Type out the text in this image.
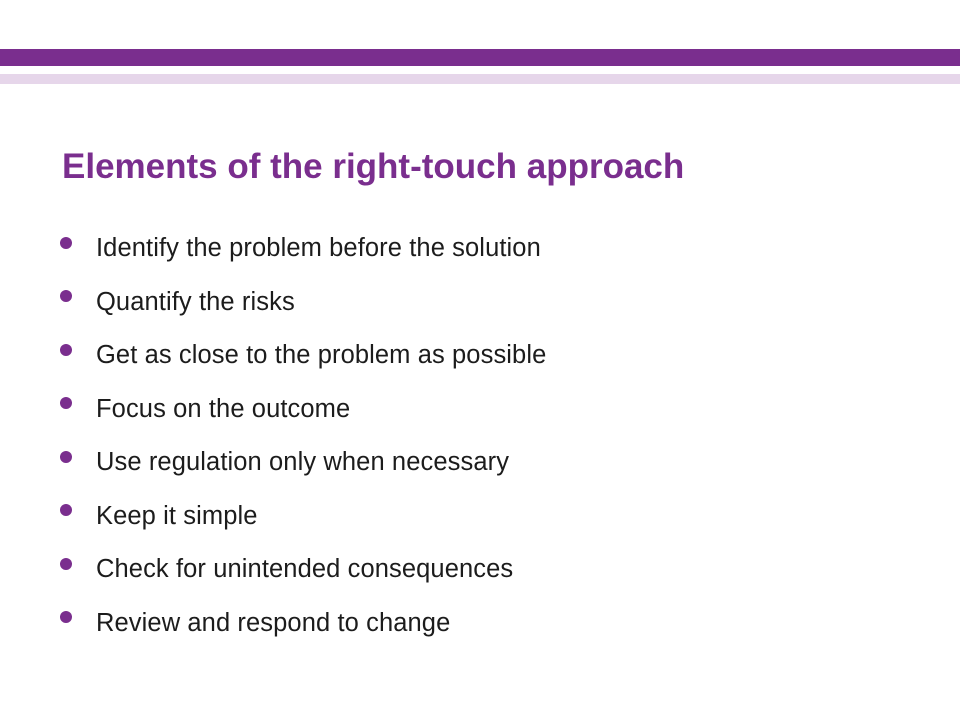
Elements of the right-touch approach
Identify the problem before the solution
Quantify the risks
Get as close to the problem as possible
Focus on the outcome
Use regulation only when necessary
Keep it simple
Check for unintended consequences
Review and respond to change
